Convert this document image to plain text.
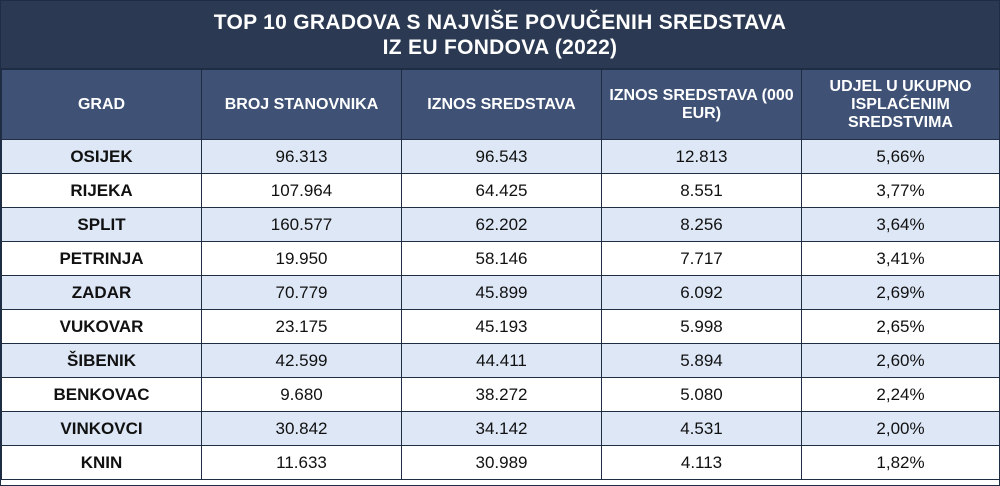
TOP 10 GRADOVA S NAJVIŠE POVUČENIH SREDSTAVA
IZ EU FONDOVA (2022)
GRAD	BROJ STANOVNIKA	IZNOS SREDSTAVA	IZNOS SREDSTAVA (000 EUR)	UDJEL U UKUPNO ISPLAĆENIM SREDSTVIMA
OSIJEK	96.313	96.543	12.813	5,66%
RIJEKA	107.964	64.425	8.551	3,77%
SPLIT	160.577	62.202	8.256	3,64%
PETRINJA	19.950	58.146	7.717	3,41%
ZADAR	70.779	45.899	6.092	2,69%
VUKOVAR	23.175	45.193	5.998	2,65%
ŠIBENIK	42.599	44.411	5.894	2,60%
BENKOVAC	9.680	38.272	5.080	2,24%
VINKOVCI	30.842	34.142	4.531	2,00%
KNIN	11.633	30.989	4.113	1,82%
